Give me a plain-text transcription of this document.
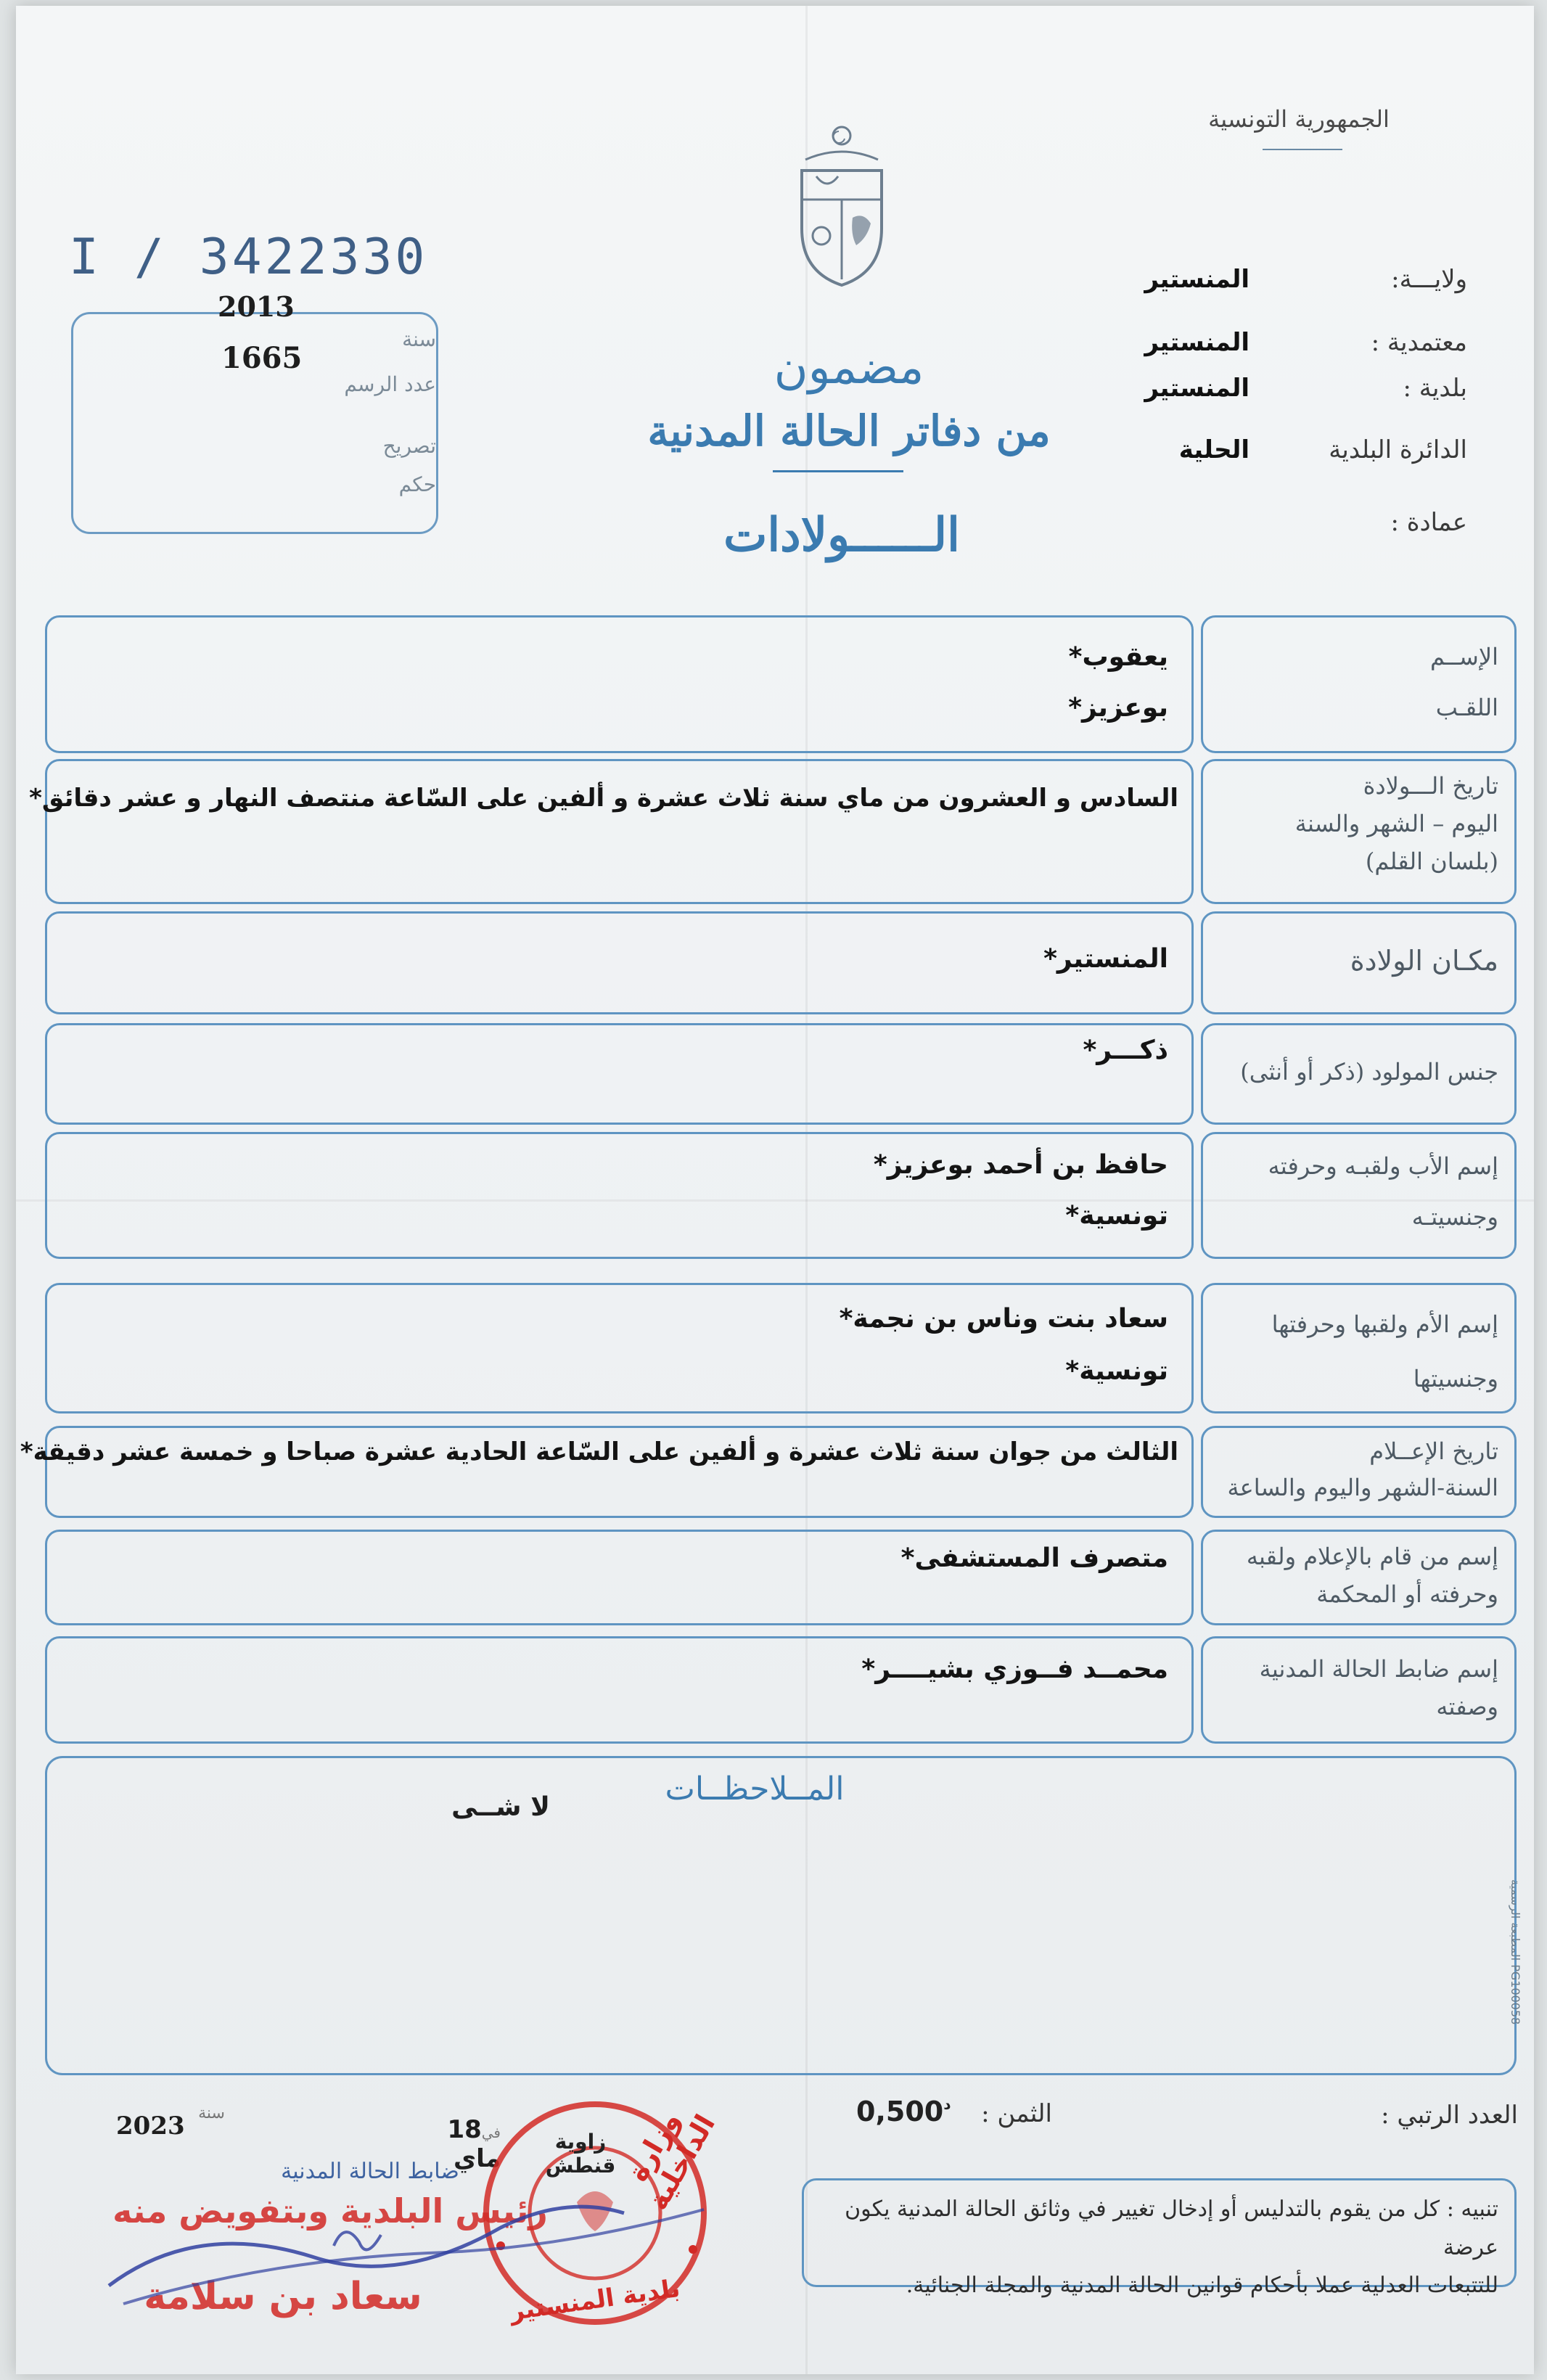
الجمهورية التونسية
I / 3422330
سنة
عدد الرسم
تصريح
حكم
2013
1665	مضمون
من دفاتر الحالة المدنية
الــــــولادات
ولايـــة:
المنستير
معتمدية :
المنستير
بلدية :
المنستير
الدائرة البلدية
الحلية
عمادة :
الإســم
اللقـب
يعقوب*
بوعزيز*
تاريخ الـــولادة
اليوم – الشهر والسنة
(بلسان القلم)
السادس و العشرون من ماي سنة ثلاث عشرة و ألفين على السّاعة منتصف النهار و عشر دقائق*
مكـان الولادة
المنستير*
جنس المولود (ذكر أو أنثى)
ذكـــر*
إسم الأب ولقبـه وحرفته
وجنسيتـه
حافظ بن أحمد بوعزيز*
تونسية*
إسم الأم ولقبها وحرفتها
وجنسيتها
سعاد بنت وناس بن نجمة*
تونسية*
تاريخ الإعــلام
السنة-الشهر واليوم والساعة
الثالث من جوان سنة ثلاث عشرة و ألفين على السّاعة الحادية عشرة صباحا و خمسة عشر دقيقة*
إسم من قام بالإعلام ولقبه
وحرفته أو المحكمة
متصرف المستشفى*
إسم ضابط الحالة المدنية
وصفته
محمــد فــوزي بشيــــر*
المــلاحظــات
لا شــى
المطبعة الرسمية PG100058
العدد الرتبي :
الثمن :
$^د$0,500
تنبيه : كل من يقوم بالتدليس أو إدخال تغيير في وثائق الحالة المدنية يكون عرضة
للتتبعات العدلية عملا بأحكام قوانين الحالة المدنية والمجلة الجنائية.
في18 ماي
سنة
2023
ضابط الحالة المدنية	وزارة الداخلية
بلدية المنستير
زاوية قنطش
رئيس البلدية وبتفويض منه
سعاد بن سلامة
